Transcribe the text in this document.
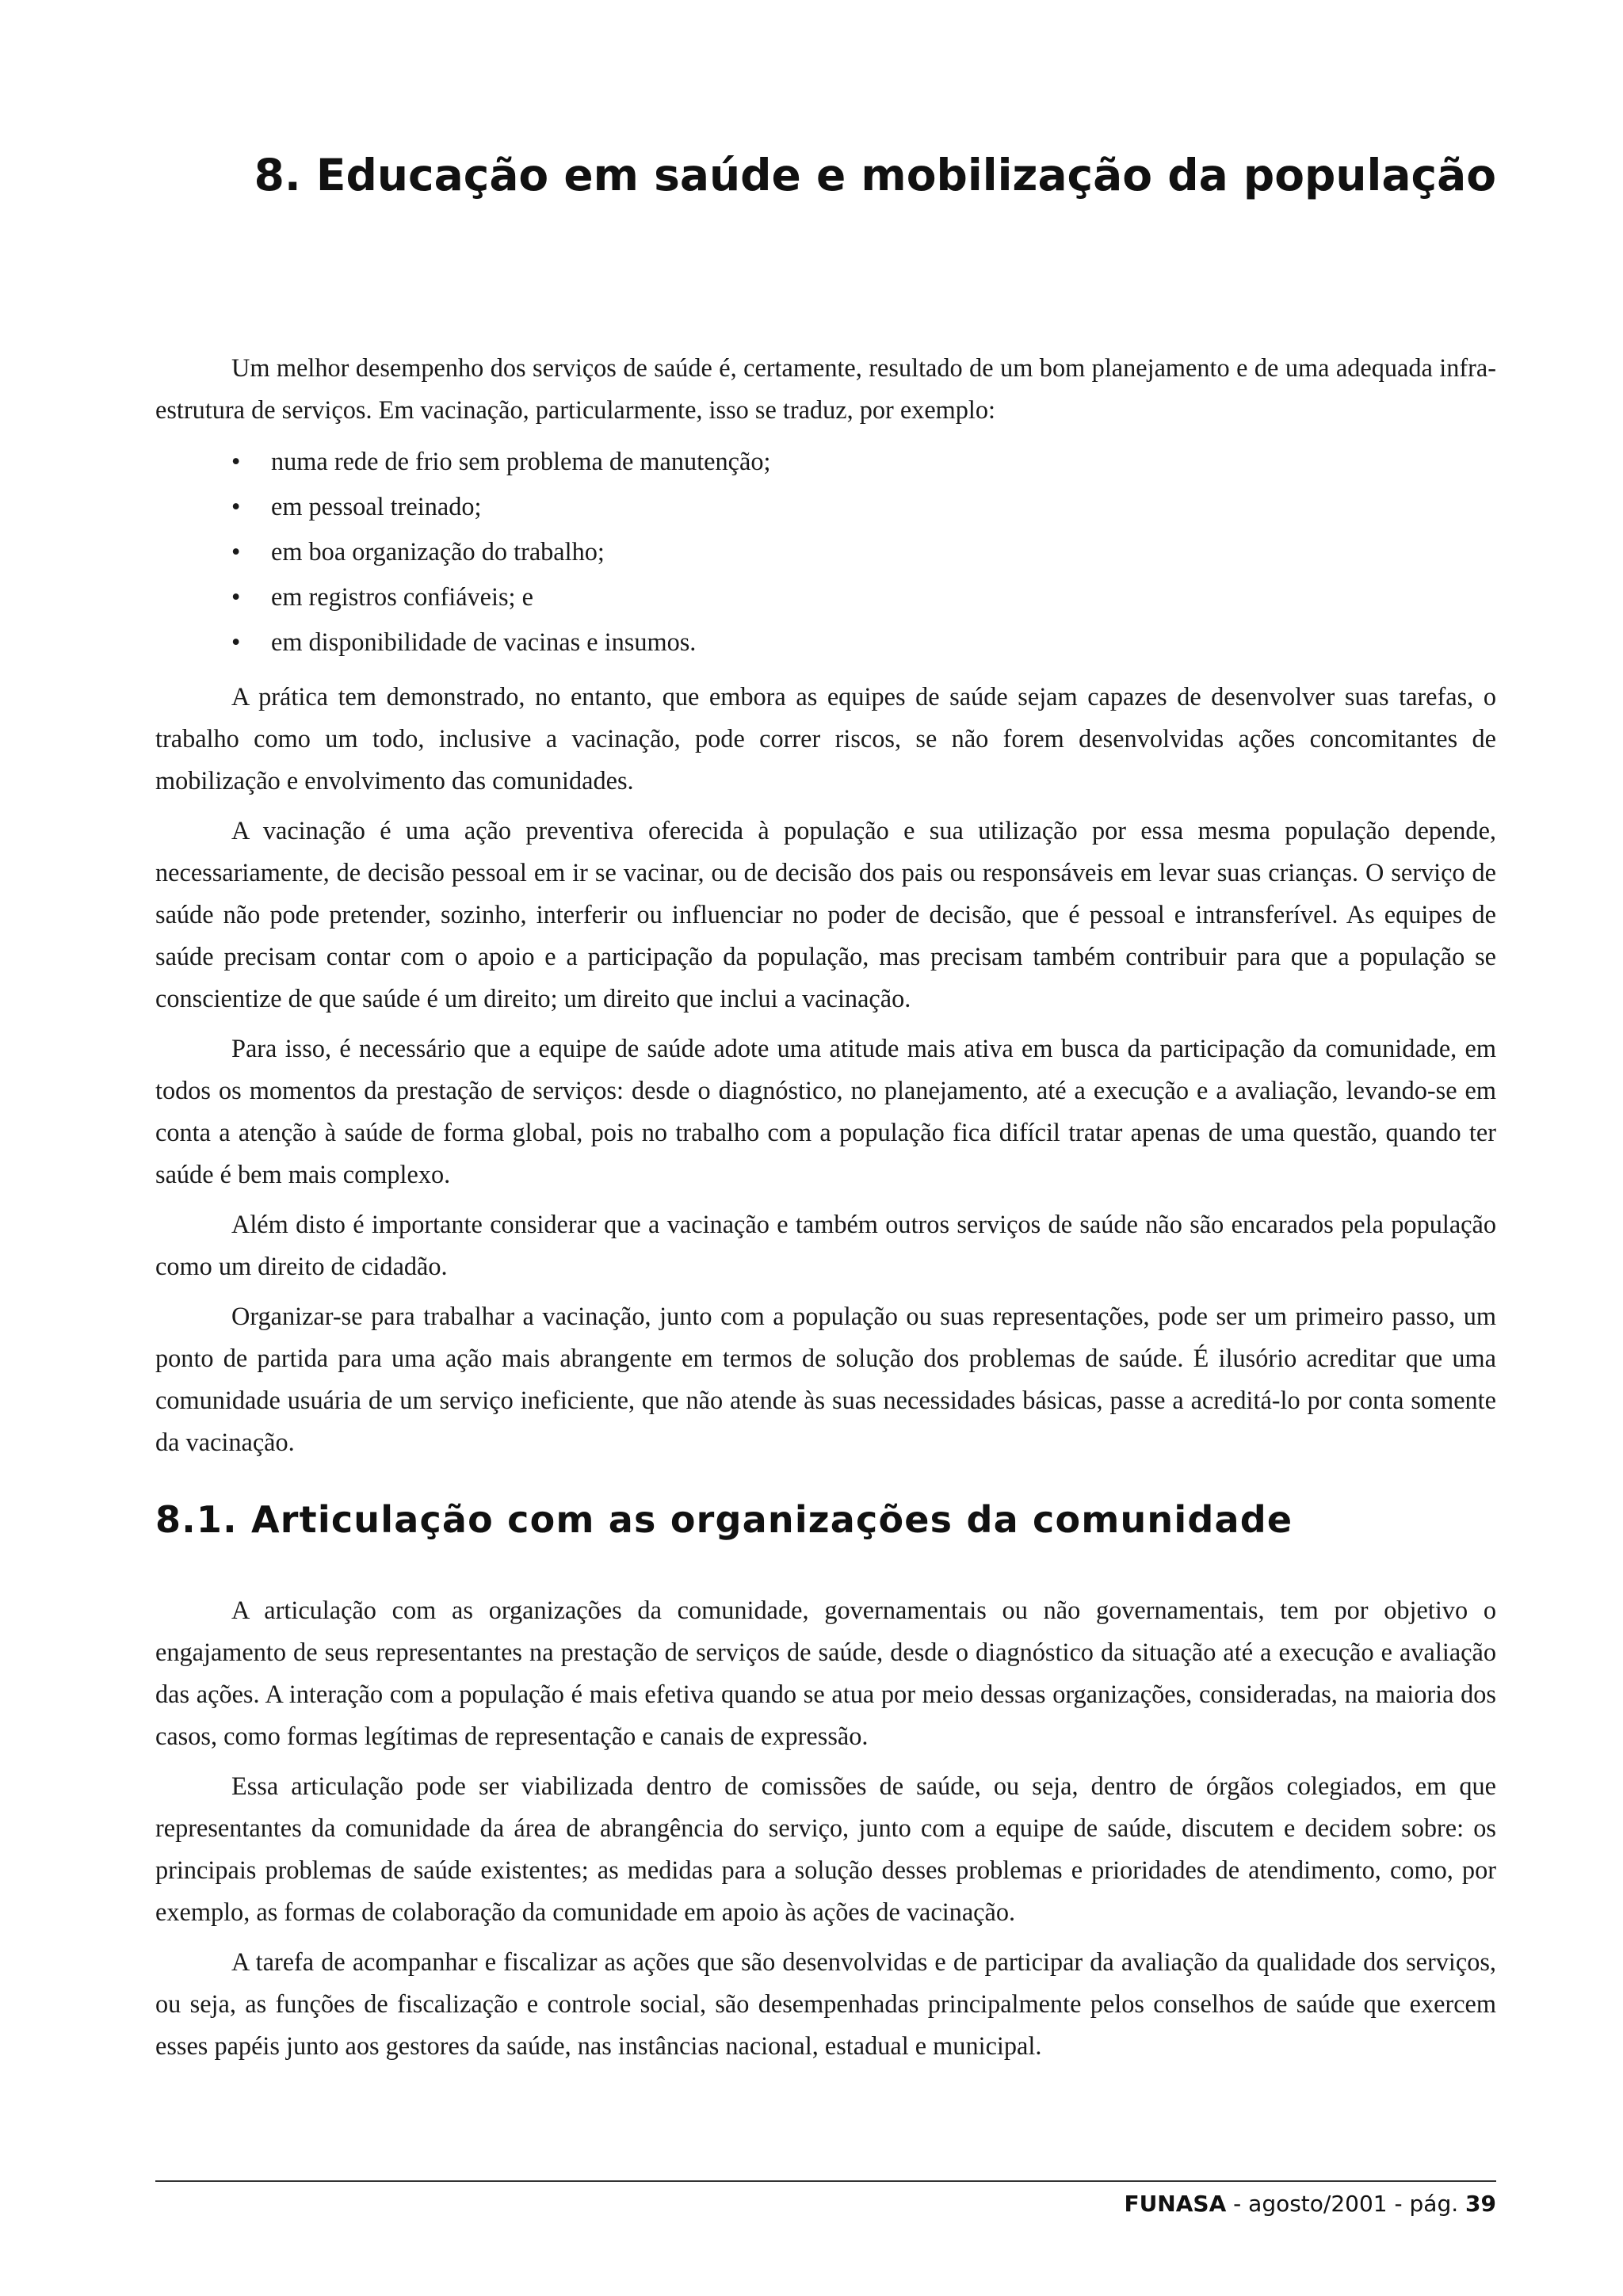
8. Educação em saúde e mobilização da população

Um melhor desempenho dos serviços de saúde é, certamente, resultado de um bom planejamento e de uma adequada infra-estrutura de serviços. Em vacinação, particularmente, isso se traduz, por exemplo:

• numa rede de frio sem problema de manutenção;
• em pessoal treinado;
• em boa organização do trabalho;
• em registros confiáveis; e
• em disponibilidade de vacinas e insumos.

A prática tem demonstrado, no entanto, que embora as equipes de saúde sejam capazes de desenvolver suas tarefas, o trabalho como um todo, inclusive a vacinação, pode correr riscos, se não forem desenvolvidas ações concomitantes de mobilização e envolvimento das comunidades.

A vacinação é uma ação preventiva oferecida à população e sua utilização por essa mesma população depende, necessariamente, de decisão pessoal em ir se vacinar, ou de decisão dos pais ou responsáveis em levar suas crianças. O serviço de saúde não pode pretender, sozinho, interferir ou influenciar no poder de decisão, que é pessoal e intransferível. As equipes de saúde precisam contar com o apoio e a participação da população, mas precisam também contribuir para que a população se conscientize de que saúde é um direito; um direito que inclui a vacinação.

Para isso, é necessário que a equipe de saúde adote uma atitude mais ativa em busca da participação da comunidade, em todos os momentos da prestação de serviços: desde o diagnóstico, no planejamento, até a execução e a avaliação, levando-se em conta a atenção à saúde de forma global, pois no trabalho com a população fica difícil tratar apenas de uma questão, quando ter saúde é bem mais complexo.

Além disto é importante considerar que a vacinação e também outros serviços de saúde não são encarados pela população como um direito de cidadão.

Organizar-se para trabalhar a vacinação, junto com a população ou suas representações, pode ser um primeiro passo, um ponto de partida para uma ação mais abrangente em termos de solução dos problemas de saúde. É ilusório acreditar que uma comunidade usuária de um serviço ineficiente, que não atende às suas necessidades básicas, passe a acreditá-lo por conta somente da vacinação.

8.1. Articulação com as organizações da comunidade

A articulação com as organizações da comunidade, governamentais ou não governamentais, tem por objetivo o engajamento de seus representantes na prestação de serviços de saúde, desde o diagnóstico da situação até a execução e avaliação das ações. A interação com a população é mais efetiva quando se atua por meio dessas organizações, consideradas, na maioria dos casos, como formas legítimas de representação e canais de expressão.

Essa articulação pode ser viabilizada dentro de comissões de saúde, ou seja, dentro de órgãos colegiados, em que representantes da comunidade da área de abrangência do serviço, junto com a equipe de saúde, discutem e decidem sobre: os principais problemas de saúde existentes; as medidas para a solução desses problemas e prioridades de atendimento, como, por exemplo, as formas de colaboração da comunidade em apoio às ações de vacinação.

A tarefa de acompanhar e fiscalizar as ações que são desenvolvidas e de participar da avaliação da qualidade dos serviços, ou seja, as funções de fiscalização e controle social, são desempenhadas principalmente pelos conselhos de saúde que exercem esses papéis junto aos gestores da saúde, nas instâncias nacional, estadual e municipal.

FUNASA - agosto/2001 - pág. 39
